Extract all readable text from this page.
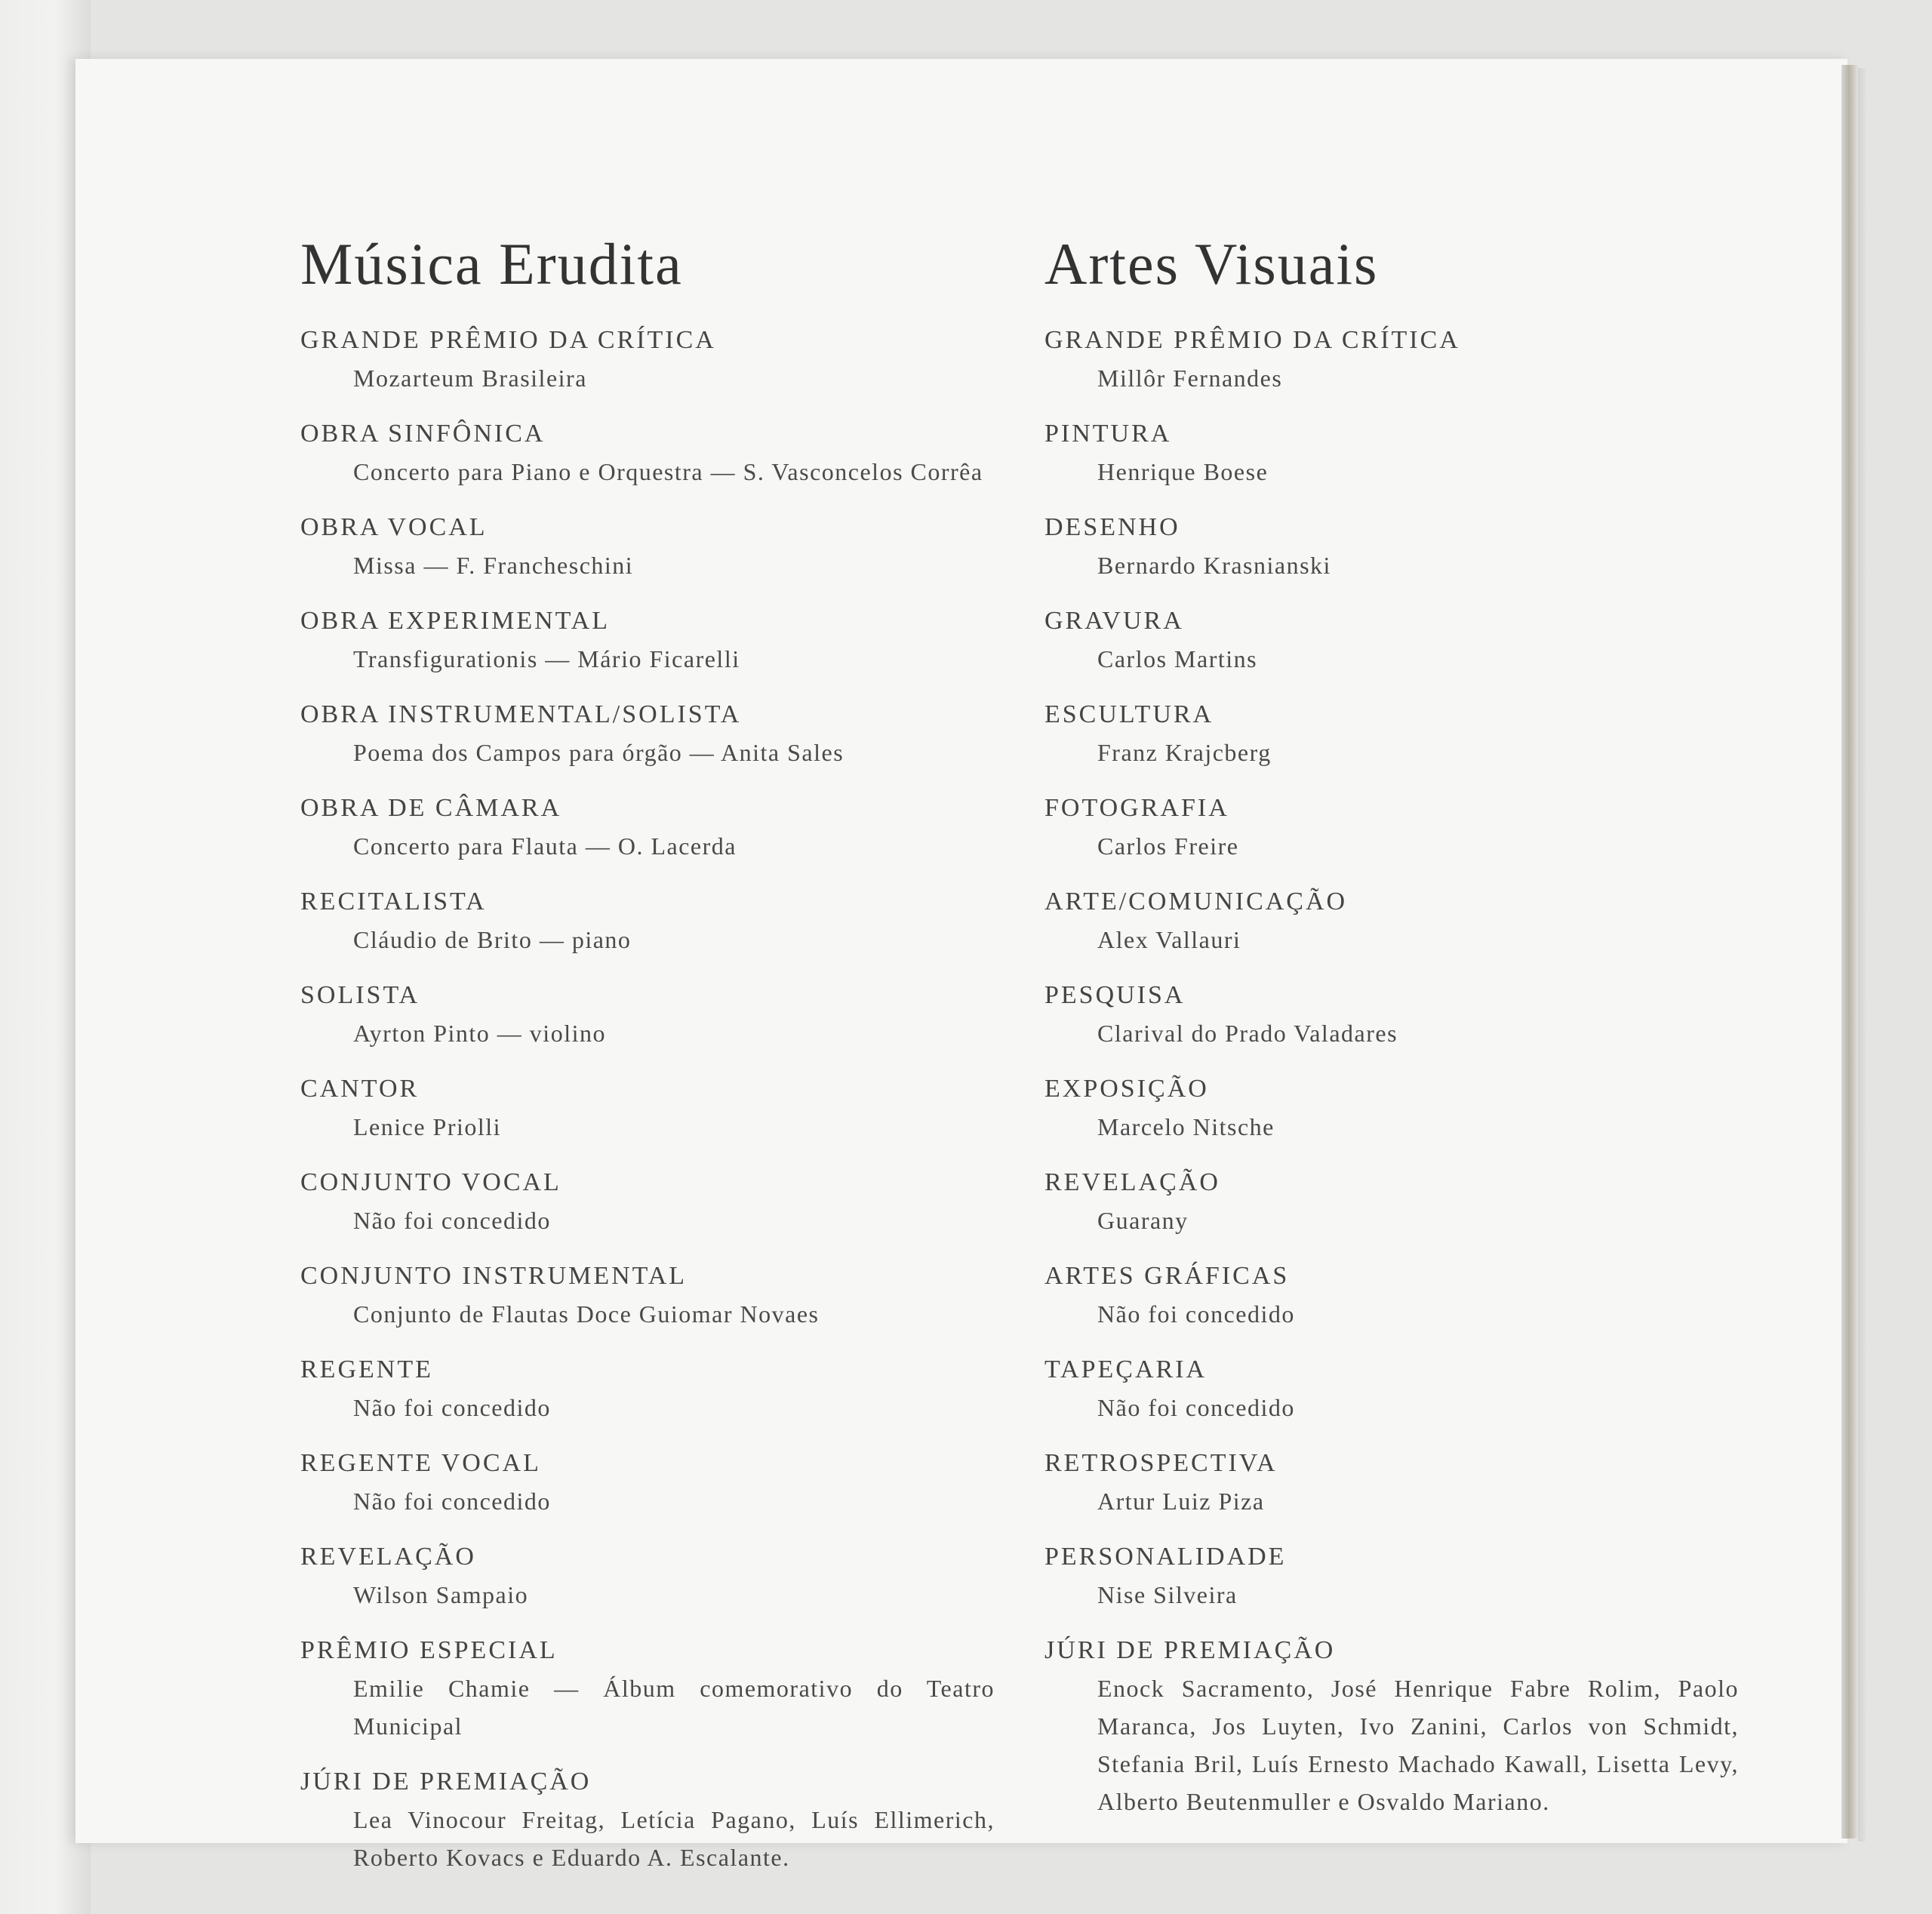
Música Erudita
GRANDE PRÊMIO DA CRÍTICA
Mozarteum Brasileira
OBRA SINFÔNICA
Concerto para Piano e Orquestra — S. Vasconcelos Corrêa
OBRA VOCAL
Missa — F. Francheschini
OBRA EXPERIMENTAL
Transfigurationis — Mário Ficarelli
OBRA INSTRUMENTAL/SOLISTA
Poema dos Campos para órgão — Anita Sales
OBRA DE CÂMARA
Concerto para Flauta — O. Lacerda
RECITALISTA
Cláudio de Brito — piano
SOLISTA
Ayrton Pinto — violino
CANTOR
Lenice Priolli
CONJUNTO VOCAL
Não foi concedido
CONJUNTO INSTRUMENTAL
Conjunto de Flautas Doce Guiomar Novaes
REGENTE
Não foi concedido
REGENTE VOCAL
Não foi concedido
REVELAÇÃO
Wilson Sampaio
PRÊMIO ESPECIAL
Emilie Chamie — Álbum comemorativo do Teatro Municipal
JÚRI DE PREMIAÇÃO
Lea Vinocour Freitag, Letícia Pagano, Luís Ellimerich, Roberto Kovacs e Eduardo A. Escalante.
Artes Visuais
GRANDE PRÊMIO DA CRÍTICA
Millôr Fernandes
PINTURA
Henrique Boese
DESENHO
Bernardo Krasnianski
GRAVURA
Carlos Martins
ESCULTURA
Franz Krajcberg
FOTOGRAFIA
Carlos Freire
ARTE/COMUNICAÇÃO
Alex Vallauri
PESQUISA
Clarival do Prado Valadares
EXPOSIÇÃO
Marcelo Nitsche
REVELAÇÃO
Guarany
ARTES GRÁFICAS
Não foi concedido
TAPEÇARIA
Não foi concedido
RETROSPECTIVA
Artur Luiz Piza
PERSONALIDADE
Nise Silveira
JÚRI DE PREMIAÇÃO
Enock Sacramento, José Henrique Fabre Rolim, Paolo Maranca, Jos Luyten, Ivo Zanini, Carlos von Schmidt, Stefania Bril, Luís Ernesto Machado Kawall, Lisetta Levy, Alberto Beutenmuller e Osvaldo Mariano.
